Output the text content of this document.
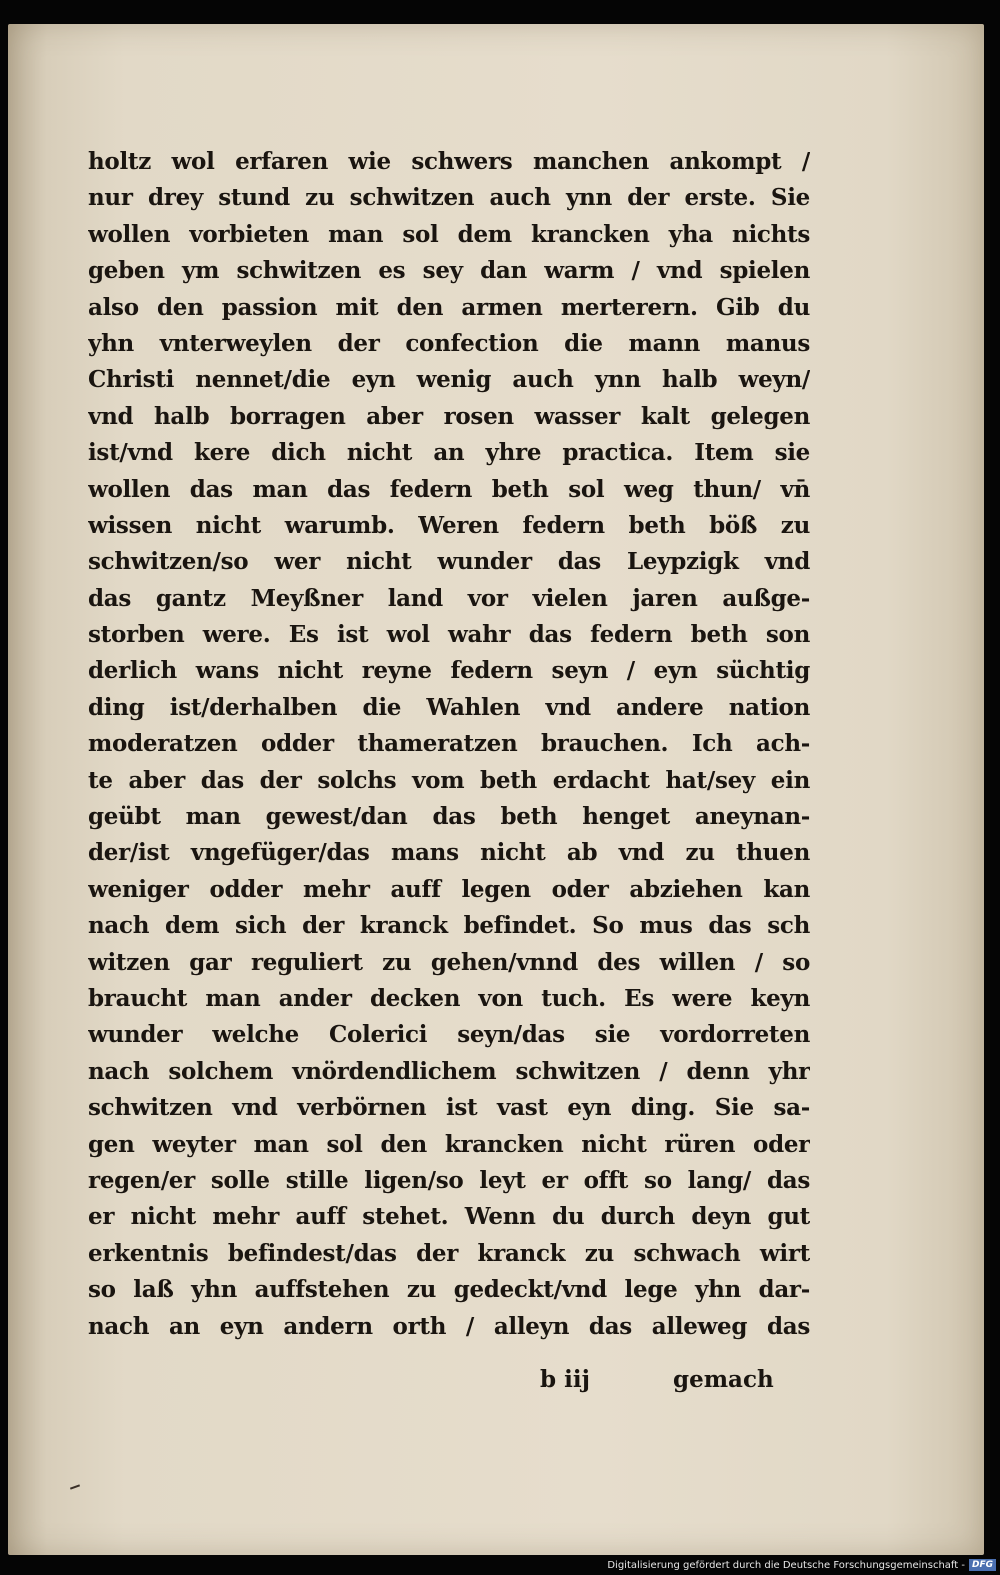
holtz wol erfaren wie schwers manchen ankompt /
nur drey stund zu schwitzen auch ynn der erste. Sie
wollen vorbieten man sol dem krancken yha nichts
geben ym schwitzen es sey dan warm / vnd spielen
also den passion mit den armen merterern. Gib du
yhn vnterweylen der confection die mann manus
Christi nennet/die eyn wenig auch ynn halb weyn/
vnd halb borragen aber rosen wasser kalt gelegen
ist/vnd kere dich nicht an yhre practica. Item sie
wollen das man das federn beth sol weg thun/ vn̄
wissen nicht warumb. Weren federn beth böß zu
schwitzen/so wer nicht wunder das Leypzigk vnd
das gantz Meyßner land vor vielen jaren außge-
storben were. Es ist wol wahr das federn beth son
derlich wans nicht reyne federn seyn / eyn süchtig
ding ist/derhalben die Wahlen vnd andere nation
moderatzen odder thameratzen brauchen. Ich ach-
te aber das der solchs vom beth erdacht hat/sey ein
geübt man gewest/dan das beth henget aneynan-
der/ist vngefüger/das mans nicht ab vnd zu thuen
weniger odder mehr auff legen oder abziehen kan
nach dem sich der kranck befindet. So mus das sch
witzen gar reguliert zu gehen/vnnd des willen / so
braucht man ander decken von tuch. Es were keyn
wunder welche Colerici seyn/das sie vordorreten
nach solchem vnördendlichem schwitzen / denn yhr
schwitzen vnd verbörnen ist vast eyn ding. Sie sa-
gen weyter man sol den krancken nicht rüren oder
regen/er solle stille ligen/so leyt er offt so lang/ das
er nicht mehr auff stehet. Wenn du durch deyn gut
erkentnis befindest/das der kranck zu schwach wirt
so laß yhn auffstehen zu gedeckt/vnd lege yhn dar-
nach an eyn andern orth / alleyn das alleweg das
b iij	gemach
Digitalisierung gefördert durch die Deutsche Forschungsgemeinschaft - DFG
